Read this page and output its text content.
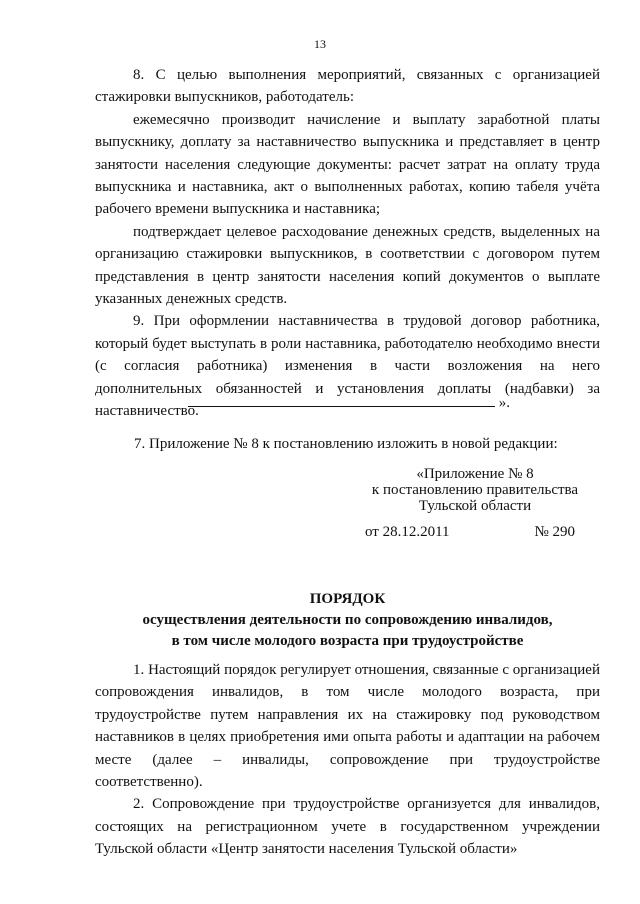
13

8. С целью выполнения мероприятий, связанных с организацией стажировки выпускников, работодатель:

ежемесячно производит начисление и выплату заработной платы выпускнику, доплату за наставничество выпускника и представляет в центр занятости населения следующие документы: расчет затрат на оплату труда выпускника и наставника, акт о выполненных работах, копию табеля учёта рабочего времени выпускника и наставника;

подтверждает целевое расходование денежных средств, выделенных на организацию стажировки выпускников, в соответствии с договором путем представления в центр занятости населения копий документов о выплате указанных денежных средств.

9. При оформлении наставничества в трудовой договор работника, который будет выступать в роли наставника, работодателю необходимо внести (с согласия работника) изменения в части возложения на него дополнительных обязанностей и установления доплаты (надбавки) за наставничество.

».
7. Приложение № 8 к постановлению изложить в новой редакции:
«Приложение № 8
к постановлению правительства
Тульской области
от 28.12.2011	№ 290
ПОРЯДОК
осуществления деятельности по сопровождению инвалидов,
в том числе молодого возраста при трудоустройстве

1. Настоящий порядок регулирует отношения, связанные с организацией сопровождения инвалидов, в том числе молодого возраста, при трудоустройстве путем направления их на стажировку под руководством наставников в целях приобретения ими опыта работы и адаптации на рабочем месте (далее – инвалиды, сопровождение при трудоустройстве соответственно).

2. Сопровождение при трудоустройстве организуется для инвалидов, состоящих на регистрационном учете в государственном учреждении Тульской области «Центр занятости населения Тульской области»
